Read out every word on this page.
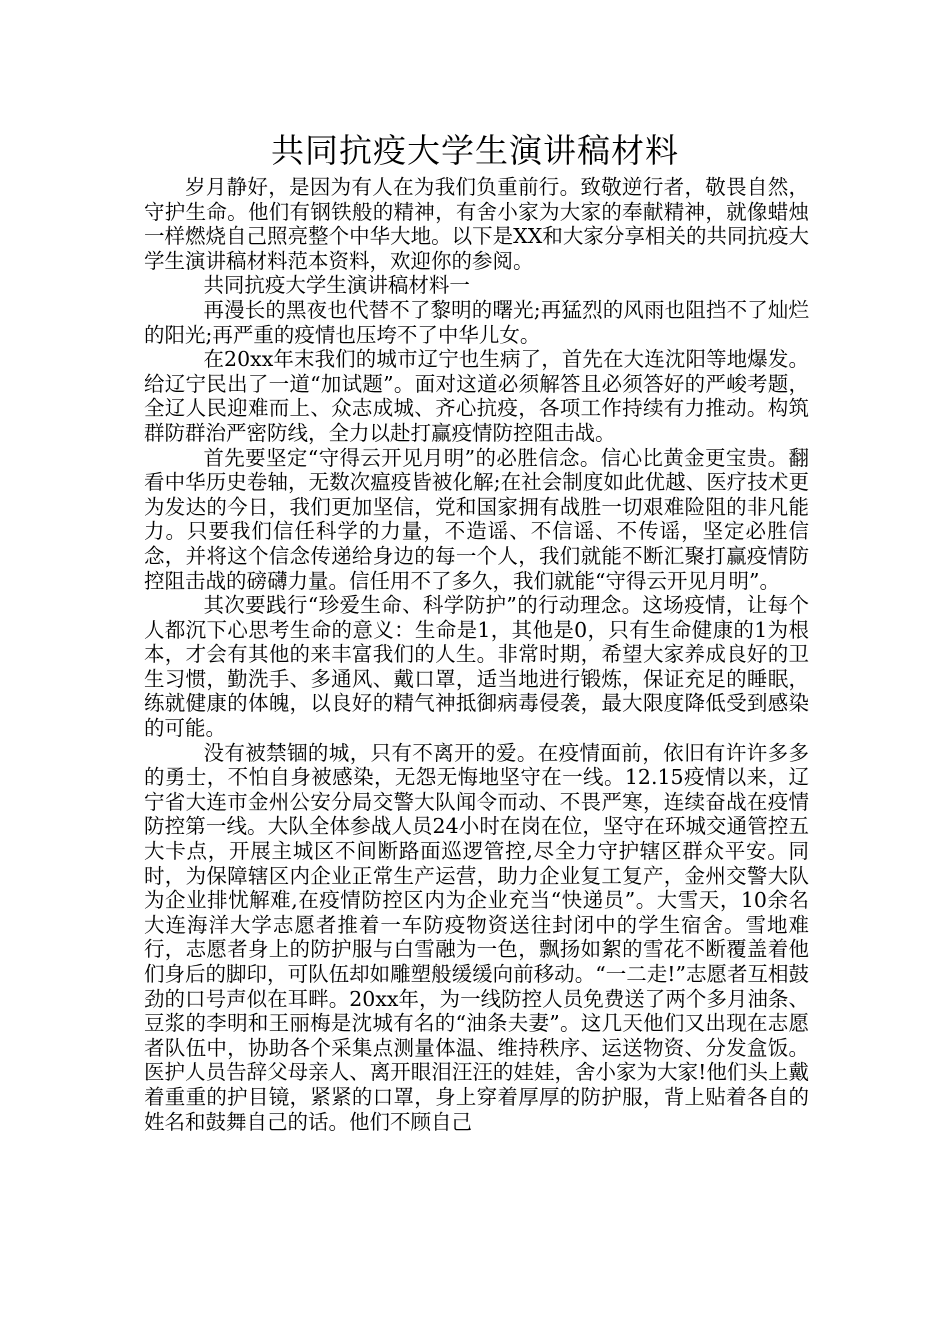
共同抗疫大学生演讲稿材料

岁月静好，是因为有人在为我们负重前行。致敬逆行者，敬畏自然，守护生命。他们有钢铁般的精神，有舍小家为大家的奉献精神，就像蜡烛一样燃烧自己照亮整个中华大地。以下是XX和大家分享相关的共同抗疫大学生演讲稿材料范本资料，欢迎你的参阅。

共同抗疫大学生演讲稿材料一

再漫长的黑夜也代替不了黎明的曙光;再猛烈的风雨也阻挡不了灿烂的阳光;再严重的疫情也压垮不了中华儿女。

在20xx年末我们的城市辽宁也生病了，首先在大连沈阳等地爆发。给辽宁民出了一道“加试题”。面对这道必须解答且必须答好的严峻考题，全辽人民迎难而上、众志成城、齐心抗疫，各项工作持续有力推动。构筑群防群治严密防线，全力以赴打赢疫情防控阻击战。

首先要坚定“守得云开见月明”的必胜信念。信心比黄金更宝贵。翻看中华历史卷轴，无数次瘟疫皆被化解;在社会制度如此优越、医疗技术更为发达的今日，我们更加坚信，党和国家拥有战胜一切艰难险阻的非凡能力。只要我们信任科学的力量，不造谣、不信谣、不传谣，坚定必胜信念，并将这个信念传递给身边的每一个人，我们就能不断汇聚打赢疫情防控阻击战的磅礴力量。信任用不了多久，我们就能“守得云开见月明”。

其次要践行“珍爱生命、科学防护”的行动理念。这场疫情，让每个人都沉下心思考生命的意义：生命是1，其他是0，只有生命健康的1为根本，才会有其他的来丰富我们的人生。非常时期，希望大家养成良好的卫生习惯，勤洗手、多通风、戴口罩，适当地进行锻炼，保证充足的睡眠，练就健康的体魄，以良好的精气神抵御病毒侵袭，最大限度降低受到感染的可能。

没有被禁锢的城，只有不离开的爱。在疫情面前，依旧有许许多多的勇士，不怕自身被感染，无怨无悔地坚守在一线。12.15疫情以来，辽宁省大连市金州公安分局交警大队闻令而动、不畏严寒，连续奋战在疫情防控第一线。大队全体参战人员24小时在岗在位，坚守在环城交通管控五大卡点，开展主城区不间断路面巡逻管控,尽全力守护辖区群众平安。同时，为保障辖区内企业正常生产运营，助力企业复工复产，金州交警大队为企业排忧解难,在疫情防控区内为企业充当“快递员”。大雪天，10余名大连海洋大学志愿者推着一车防疫物资送往封闭中的学生宿舍。雪地难行，志愿者身上的防护服与白雪融为一色，飘扬如絮的雪花不断覆盖着他们身后的脚印，可队伍却如雕塑般缓缓向前移动。“一二走!”志愿者互相鼓劲的口号声似在耳畔。20xx年，为一线防控人员免费送了两个多月油条、豆浆的李明和王丽梅是沈城有名的“油条夫妻”。这几天他们又出现在志愿者队伍中，协助各个采集点测量体温、维持秩序、运送物资、分发盒饭。医护人员告辞父母亲人、离开眼泪汪汪的娃娃，舍小家为大家!他们头上戴着重重的护目镜，紧紧的口罩，身上穿着厚厚的防护服，背上贴着各自的姓名和鼓舞自己的话。他们不顾自己
